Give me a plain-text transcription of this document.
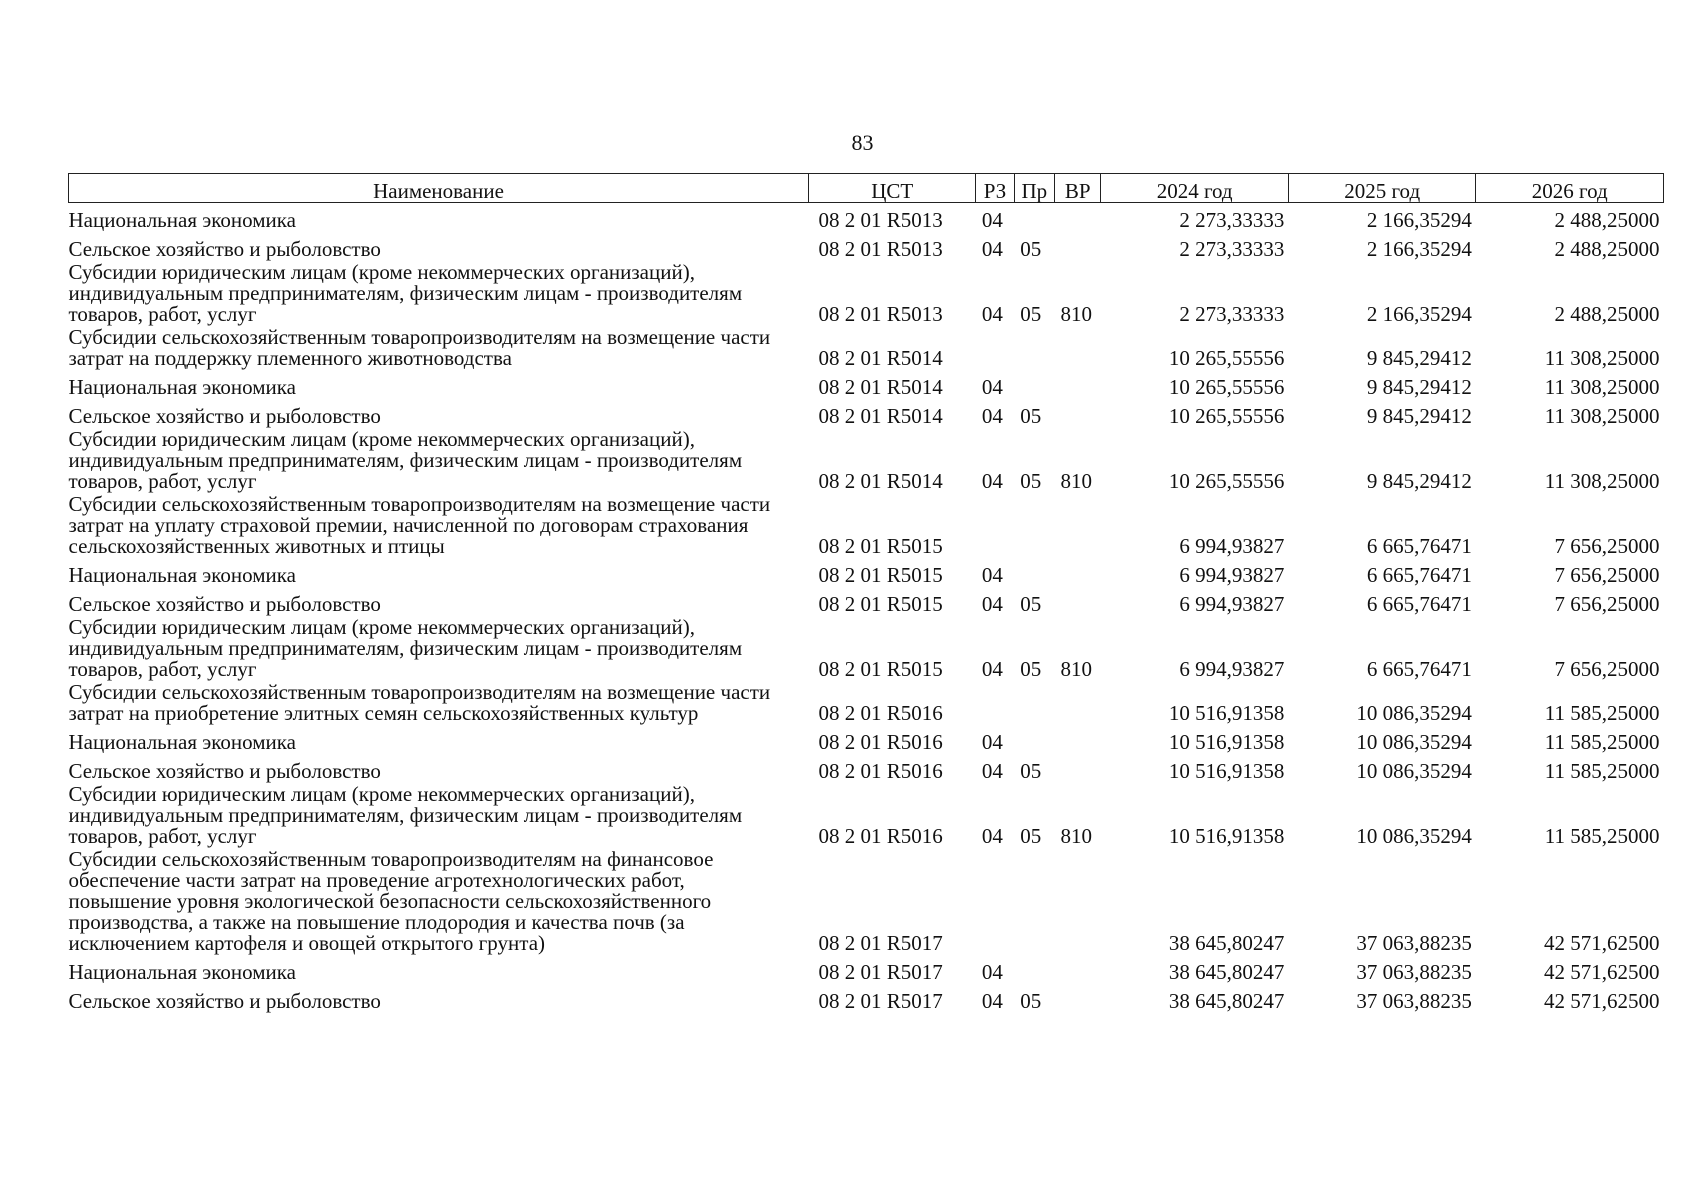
83
Наименование	ЦСТ	РЗ	Пр	ВР	2024 год	2025 год	2026 год
Национальная экономика	08 2 01 R5013	04			2 273,33333	2 166,35294	2 488,25000
Сельское хозяйство и рыболовство	08 2 01 R5013	04	05		2 273,33333	2 166,35294	2 488,25000
Субсидии юридическим лицам (кроме некоммерческих организаций), индивидуальным предпринимателям, физическим лицам - производителям товаров, работ, услуг	08 2 01 R5013	04	05	810	2 273,33333	2 166,35294	2 488,25000
Субсидии сельскохозяйственным товаропроизводителям на возмещение части затрат на поддержку племенного животноводства	08 2 01 R5014				10 265,55556	9 845,29412	11 308,25000
Национальная экономика	08 2 01 R5014	04			10 265,55556	9 845,29412	11 308,25000
Сельское хозяйство и рыболовство	08 2 01 R5014	04	05		10 265,55556	9 845,29412	11 308,25000
Субсидии юридическим лицам (кроме некоммерческих организаций), индивидуальным предпринимателям, физическим лицам - производителям товаров, работ, услуг	08 2 01 R5014	04	05	810	10 265,55556	9 845,29412	11 308,25000
Субсидии сельскохозяйственным товаропроизводителям на возмещение части затрат на уплату страховой премии, начисленной по договорам страхования сельскохозяйственных животных и птицы	08 2 01 R5015				6 994,93827	6 665,76471	7 656,25000
Национальная экономика	08 2 01 R5015	04			6 994,93827	6 665,76471	7 656,25000
Сельское хозяйство и рыболовство	08 2 01 R5015	04	05		6 994,93827	6 665,76471	7 656,25000
Субсидии юридическим лицам (кроме некоммерческих организаций), индивидуальным предпринимателям, физическим лицам - производителям товаров, работ, услуг	08 2 01 R5015	04	05	810	6 994,93827	6 665,76471	7 656,25000
Субсидии сельскохозяйственным товаропроизводителям на возмещение части затрат на приобретение элитных семян сельскохозяйственных культур	08 2 01 R5016				10 516,91358	10 086,35294	11 585,25000
Национальная экономика	08 2 01 R5016	04			10 516,91358	10 086,35294	11 585,25000
Сельское хозяйство и рыболовство	08 2 01 R5016	04	05		10 516,91358	10 086,35294	11 585,25000
Субсидии юридическим лицам (кроме некоммерческих организаций), индивидуальным предпринимателям, физическим лицам - производителям товаров, работ, услуг	08 2 01 R5016	04	05	810	10 516,91358	10 086,35294	11 585,25000
Субсидии сельскохозяйственным товаропроизводителям на финансовое обеспечение части затрат на проведение агротехнологических работ, повышение уровня экологической безопасности сельскохозяйственного производства, а также на повышение плодородия и качества почв (за исключением картофеля и овощей открытого грунта)	08 2 01 R5017				38 645,80247	37 063,88235	42 571,62500
Национальная экономика	08 2 01 R5017	04			38 645,80247	37 063,88235	42 571,62500
Сельское хозяйство и рыболовство	08 2 01 R5017	04	05		38 645,80247	37 063,88235	42 571,62500
